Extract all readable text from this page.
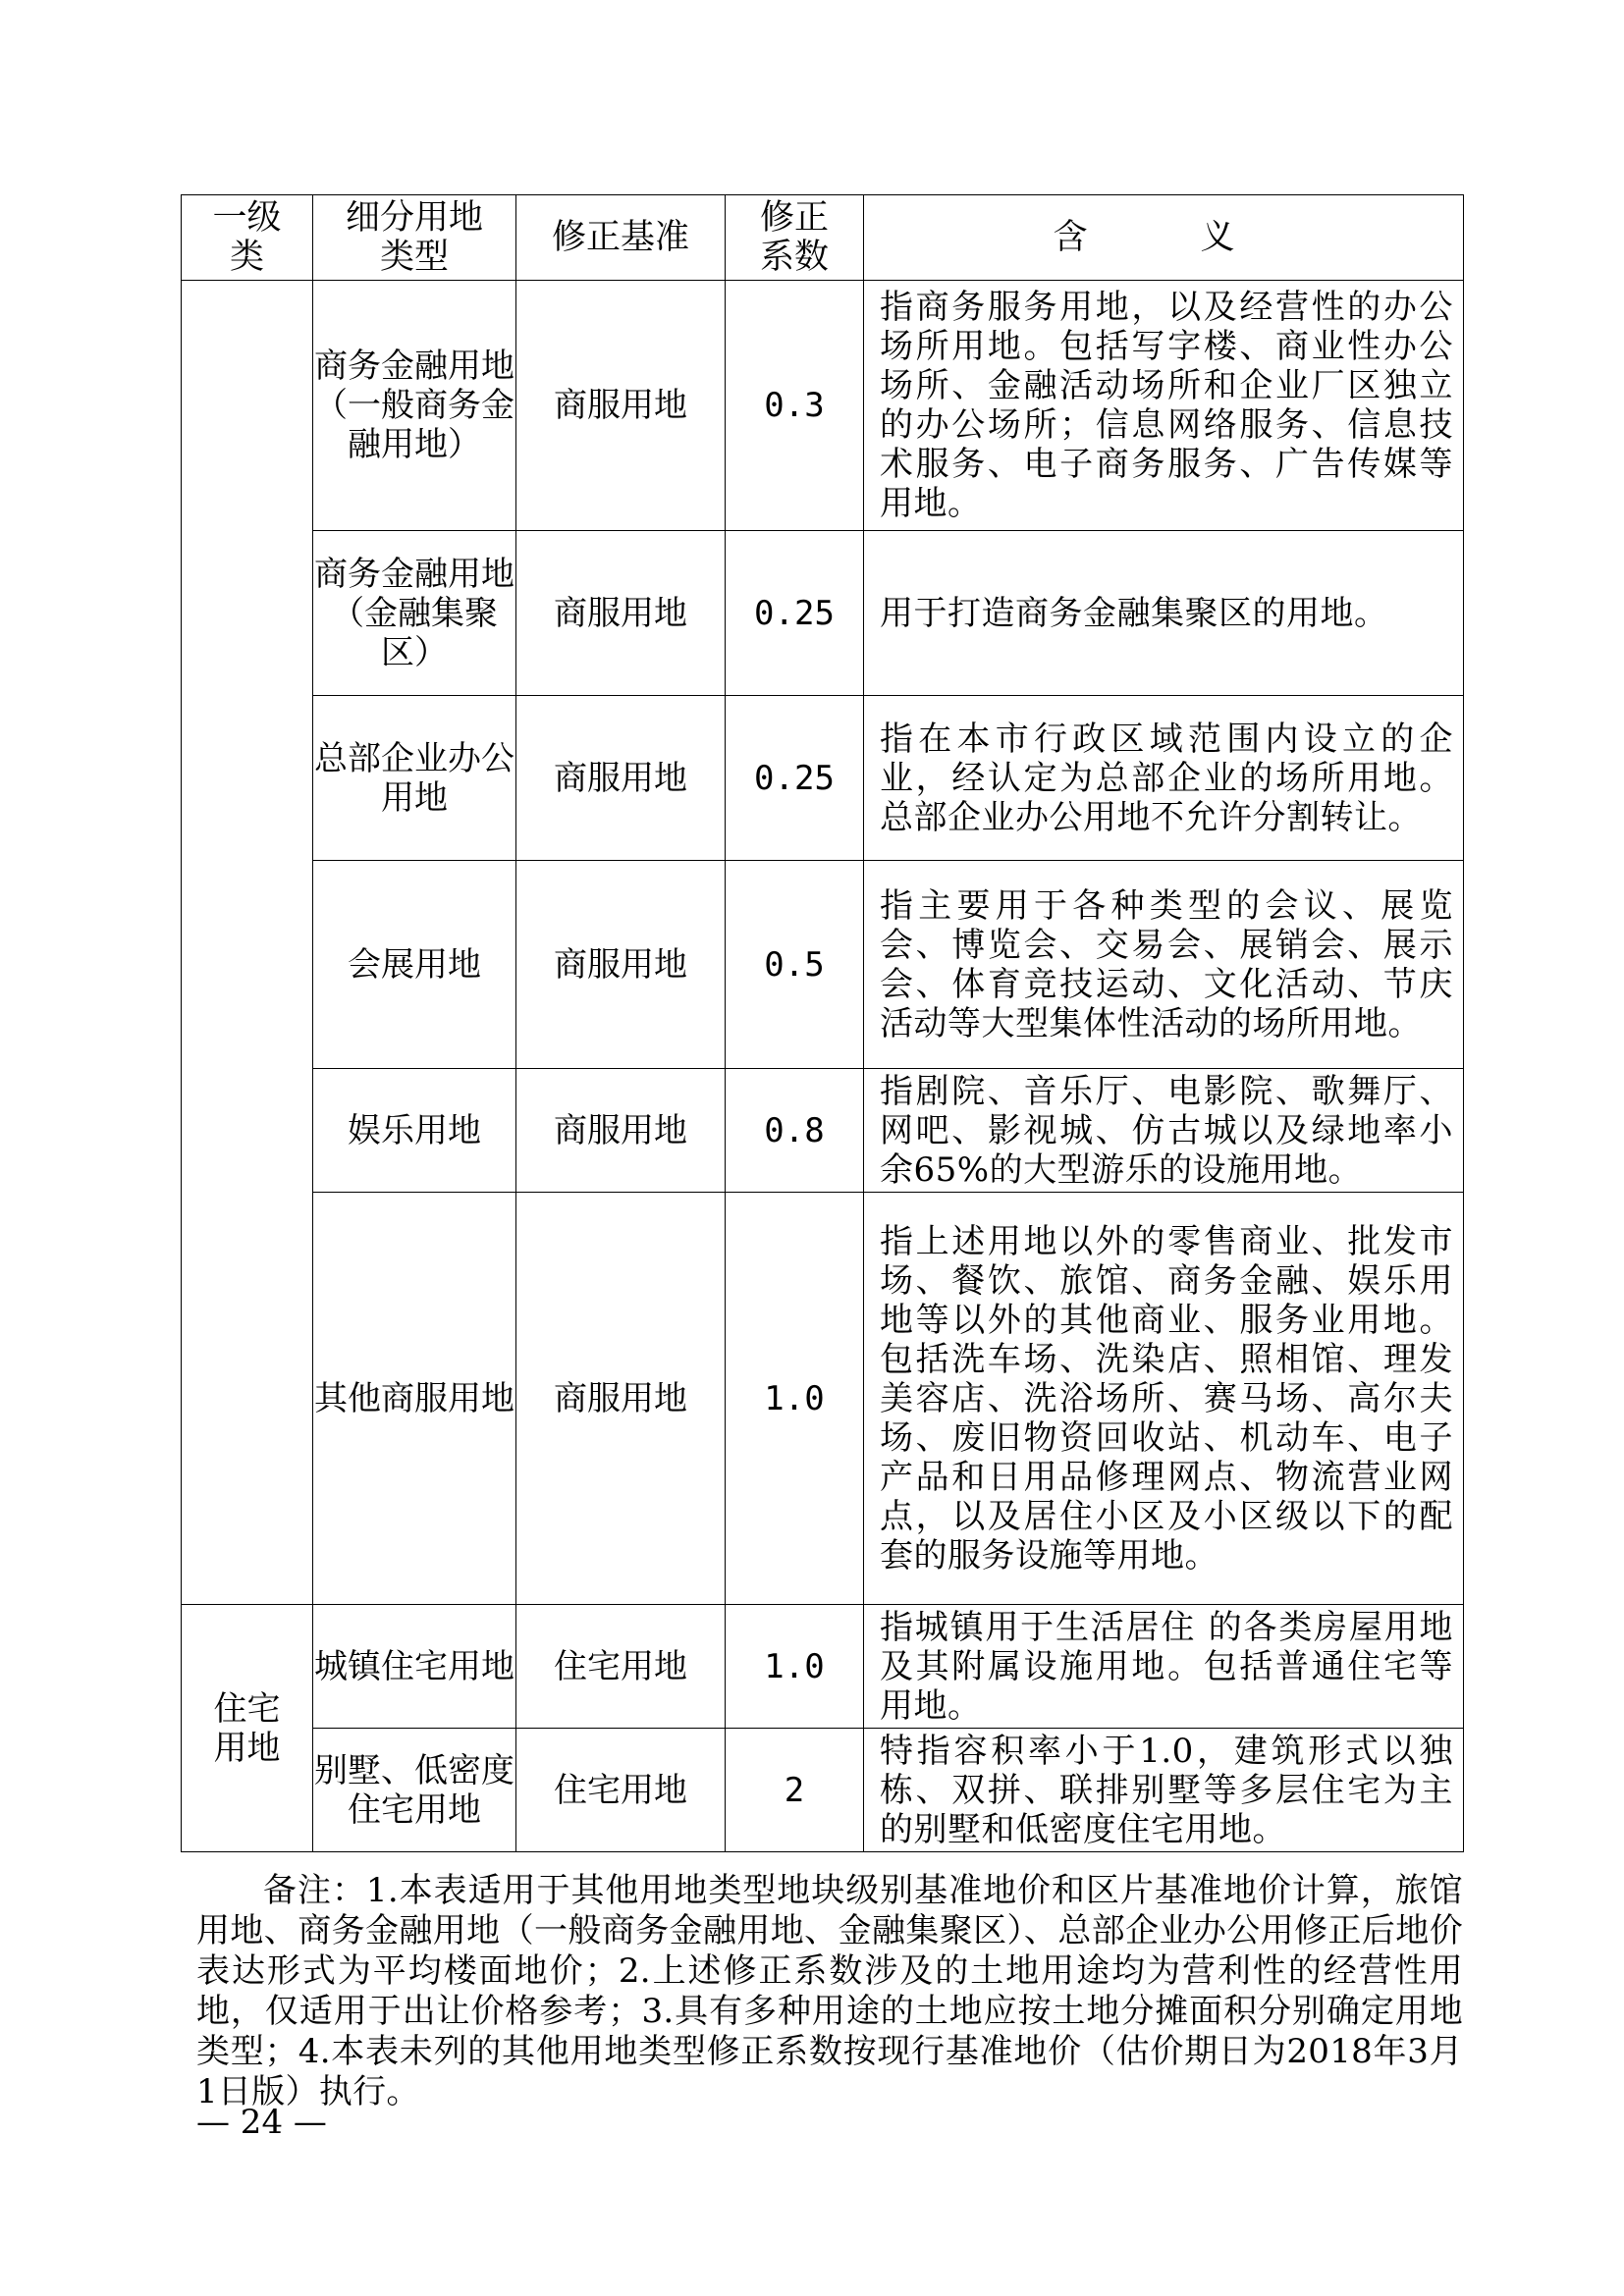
一级类	细分用地类型	修正基准	修正系数	含　义
	商务金融用地（一般商务金融用地）	商服用地	0.3	指商务服务用地，以及经营性的办公场所用地。包括写字楼、商业性办公场所、金融活动场所和企业厂区独立的办公场所；信息网络服务、信息技术服务、电子商务服务、广告传媒等用地。
	商务金融用地（金融集聚区）	商服用地	0.25	用于打造商务金融集聚区的用地。
	总部企业办公用地	商服用地	0.25	指在本市行政区域范围内设立的企业，经认定为总部企业的场所用地。总部企业办公用地不允许分割转让。
	会展用地	商服用地	0.5	指主要用于各种类型的会议、展览会、博览会、交易会、展销会、展示会、体育竞技运动、文化活动、节庆活动等大型集体性活动的场所用地。
	娱乐用地	商服用地	0.8	指剧院、音乐厅、电影院、歌舞厅、网吧、影视城、仿古城以及绿地率小余65%的大型游乐的设施用地。
	其他商服用地	商服用地	1.0	指上述用地以外的零售商业、批发市场、餐饮、旅馆、商务金融、娱乐用地等以外的其他商业、服务业用地。包括洗车场、洗染店、照相馆、理发美容店、洗浴场所、赛马场、高尔夫场、废旧物资回收站、机动车、电子产品和日用品修理网点、物流营业网点，以及居住小区及小区级以下的配套的服务设施等用地。
住宅用地	城镇住宅用地	住宅用地	1.0	指城镇用于生活居住 的各类房屋用地及其附属设施用地。包括普通住宅等用地。
	别墅、低密度住宅用地	住宅用地	2	特指容积率小于1.0，建筑形式以独栋、双拼、联排别墅等多层住宅为主的别墅和低密度住宅用地。
备注：1.本表适用于其他用地类型地块级别基准地价和区片基准地价计算，旅馆用地、商务金融用地（一般商务金融用地、金融集聚区）、总部企业办公用修正后地价表达形式为平均楼面地价；2.上述修正系数涉及的土地用途均为营利性的经营性用地，仅适用于出让价格参考；3.具有多种用途的土地应按土地分摊面积分别确定用地类型；4.本表未列的其他用地类型修正系数按现行基准地价（估价期日为2018年3月1日版）执行。
— 24 —
